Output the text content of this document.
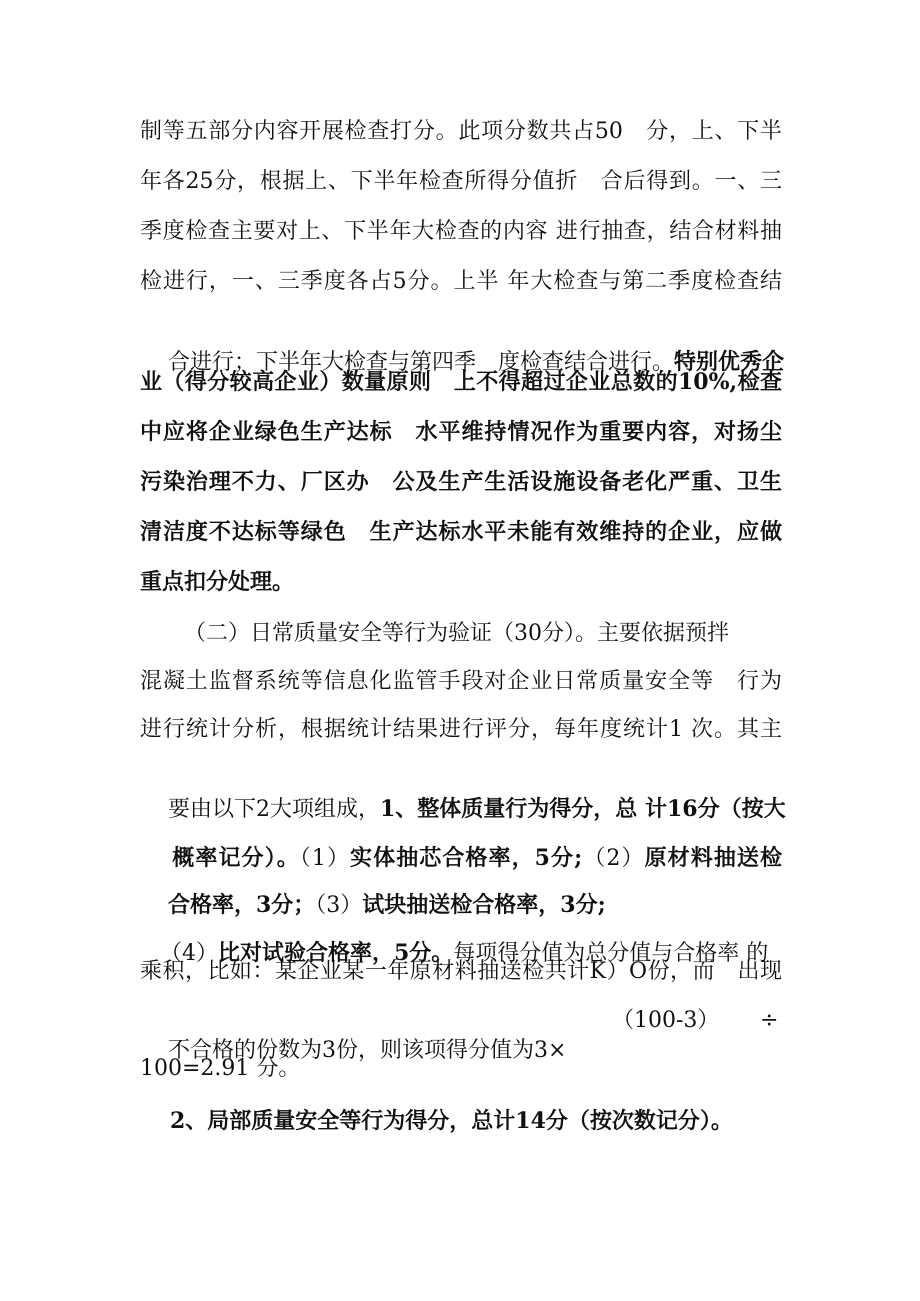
制等五部分内容开展检查打分。此项分数共占50　分，上、下半
年各25分，根据上、下半年检查所得分值折　合后得到。一、三
季度检查主要对上、下半年大检查的内容 进行抽查，结合材料抽
检进行，一、三季度各占5分。上半 年大检查与第二季度检查结

合进行；下半年大检查与第四季　度检查结合进行。特别优秀企

业（得分较高企业）数量原则　上不得超过企业总数的10%,检查
中应将企业绿色生产达标　水平维持情况作为重要内容，对扬尘
污染治理不力、厂区办　公及生产生活设施设备老化严重、卫生
清洁度不达标等绿色　生产达标水平未能有效维持的企业，应做
重点扣分处理。
（二）日常质量安全等行为验证（30分）。主要依据预拌
混凝土监督系统等信息化监管手段对企业日常质量安全等　行为
进行统计分析，根据统计结果进行评分，每年度统计1 次。其主

要由以下2大项组成，1、整体质量行为得分，总 计16分（按大

概率记分）。（1）实体抽芯合格率，5分;（2）原材料抽送检

合格率，3分；（3）试块抽送检合格率，3分;

（4）比对试验合格率，5分。每项得分值为总分值与合格率 的

乘积，比如：某企业某一年原材料抽送检共计K）O份，而　出现

不合格的份数为3份，则该项得分值为3×

（100-3） ÷
100=2.91 分。
2、局部质量安全等行为得分，总计14分（按次数记分）。
